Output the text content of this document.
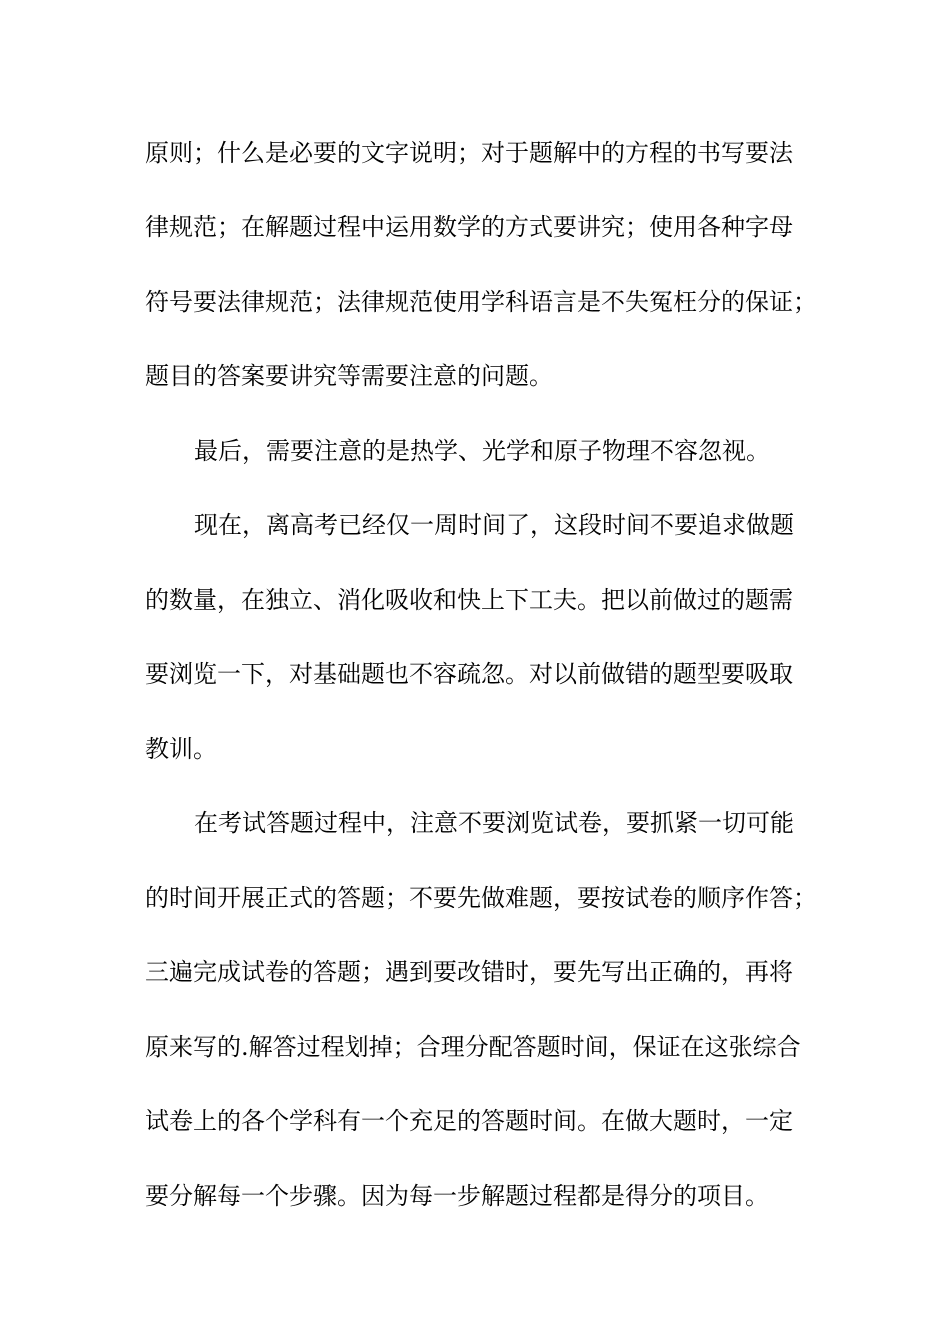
原则；什么是必要的文字说明；对于题解中的方程的书写要法
律规范；在解题过程中运用数学的方式要讲究；使用各种字母
符号要法律规范；法律规范使用学科语言是不失冤枉分的保证；
题目的答案要讲究等需要注意的问题。
最后，需要注意的是热学、光学和原子物理不容忽视。
现在，离高考已经仅一周时间了，这段时间不要追求做题
的数量，在独立、消化吸收和快上下工夫。把以前做过的题需
要浏览一下，对基础题也不容疏忽。对以前做错的题型要吸取
教训。
在考试答题过程中，注意不要浏览试卷，要抓紧一切可能
的时间开展正式的答题；不要先做难题，要按试卷的顺序作答；
三遍完成试卷的答题；遇到要改错时，要先写出正确的，再将
原来写的.解答过程划掉；合理分配答题时间，保证在这张综合
试卷上的各个学科有一个充足的答题时间。在做大题时，一定
要分解每一个步骤。因为每一步解题过程都是得分的项目。
